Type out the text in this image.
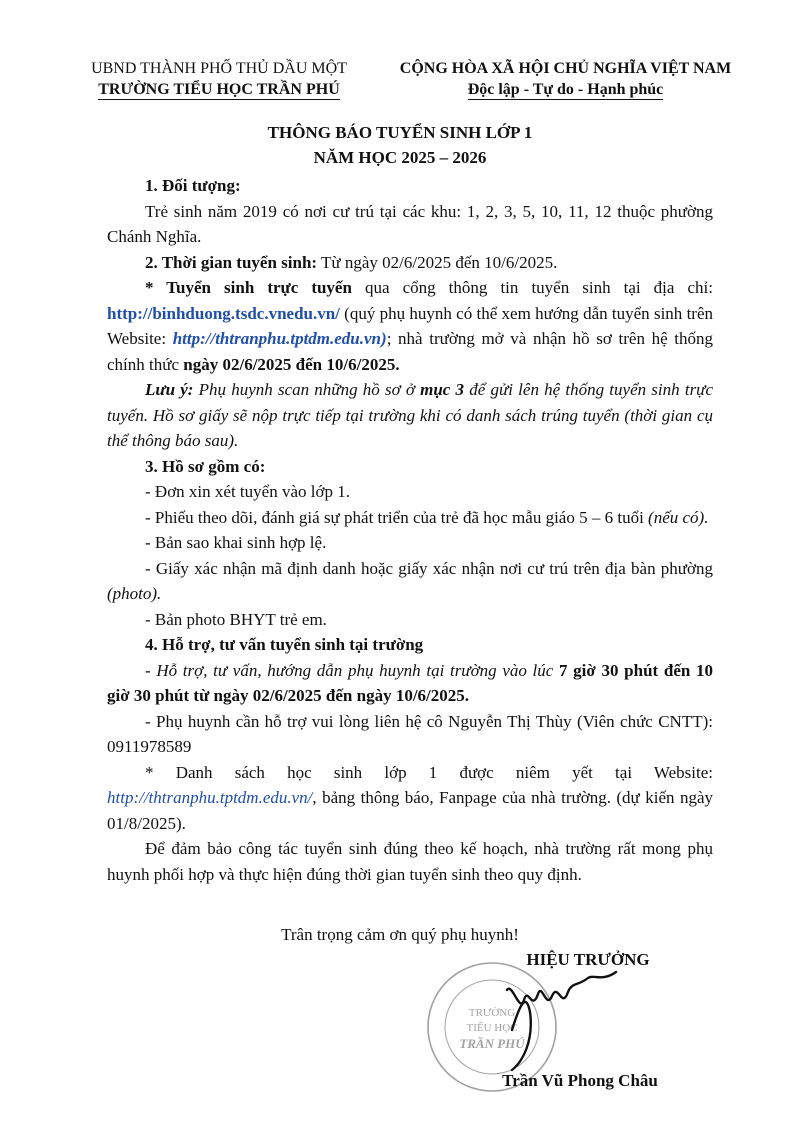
UBND THÀNH PHỐ THỦ DẦU MỘT
TRƯỜNG TIỂU HỌC TRẦN PHÚ
CỘNG HÒA XÃ HỘI CHỦ NGHĨA VIỆT NAM
Độc lập - Tự do - Hạnh phúc
THÔNG BÁO TUYỂN SINH LỚP 1
NĂM HỌC 2025 – 2026

1. Đối tượng:

Trẻ sinh năm 2019 có nơi cư trú tại các khu: 1, 2, 3, 5, 10, 11, 12 thuộc phường Chánh Nghĩa.

2. Thời gian tuyển sinh: Từ ngày 02/6/2025 đến 10/6/2025.

* Tuyển sinh trực tuyến qua cổng thông tin tuyển sinh tại địa chỉ: http://binhduong.tsdc.vnedu.vn/ (quý phụ huynh có thể xem hướng dẫn tuyển sinh trên Website: http://thtranphu.tptdm.edu.vn); nhà trường mở và nhận hồ sơ trên hệ thống chính thức ngày 02/6/2025 đến 10/6/2025.

Lưu ý: Phụ huynh scan những hồ sơ ở mục 3 để gửi lên hệ thống tuyển sinh trực tuyến. Hồ sơ giấy sẽ nộp trực tiếp tại trường khi có danh sách trúng tuyển (thời gian cụ thể thông báo sau).

3. Hồ sơ gồm có:

- Đơn xin xét tuyển vào lớp 1.

- Phiếu theo dõi, đánh giá sự phát triển của trẻ đã học mẫu giáo 5 – 6 tuổi (nếu có).

- Bản sao khai sinh hợp lệ.

- Giấy xác nhận mã định danh hoặc giấy xác nhận nơi cư trú trên địa bàn phường (photo).

- Bản photo BHYT trẻ em.

4. Hỗ trợ, tư vấn tuyển sinh tại trường

- Hỗ trợ, tư vấn, hướng dẫn phụ huynh tại trường vào lúc 7 giờ 30 phút đến 10 giờ 30 phút từ ngày 02/6/2025 đến ngày 10/6/2025.

- Phụ huynh cần hỗ trợ vui lòng liên hệ cô Nguyễn Thị Thùy (Viên chức CNTT): 0911978589

* Danh sách học sinh lớp 1 được niêm yết tại Website: http://thtranphu.tptdm.edu.vn/, bảng thông báo, Fanpage của nhà trường. (dự kiến ngày 01/8/2025).

Để đảm bảo công tác tuyển sinh đúng theo kế hoạch, nhà trường rất mong phụ huynh phối hợp và thực hiện đúng thời gian tuyển sinh theo quy định.

Trân trọng cảm ơn quý phụ huynh!
HIỆU TRƯỞNG
TRƯỜNG
TIỂU HỌC
TRẦN PHÚ
Trần Vũ Phong Châu
